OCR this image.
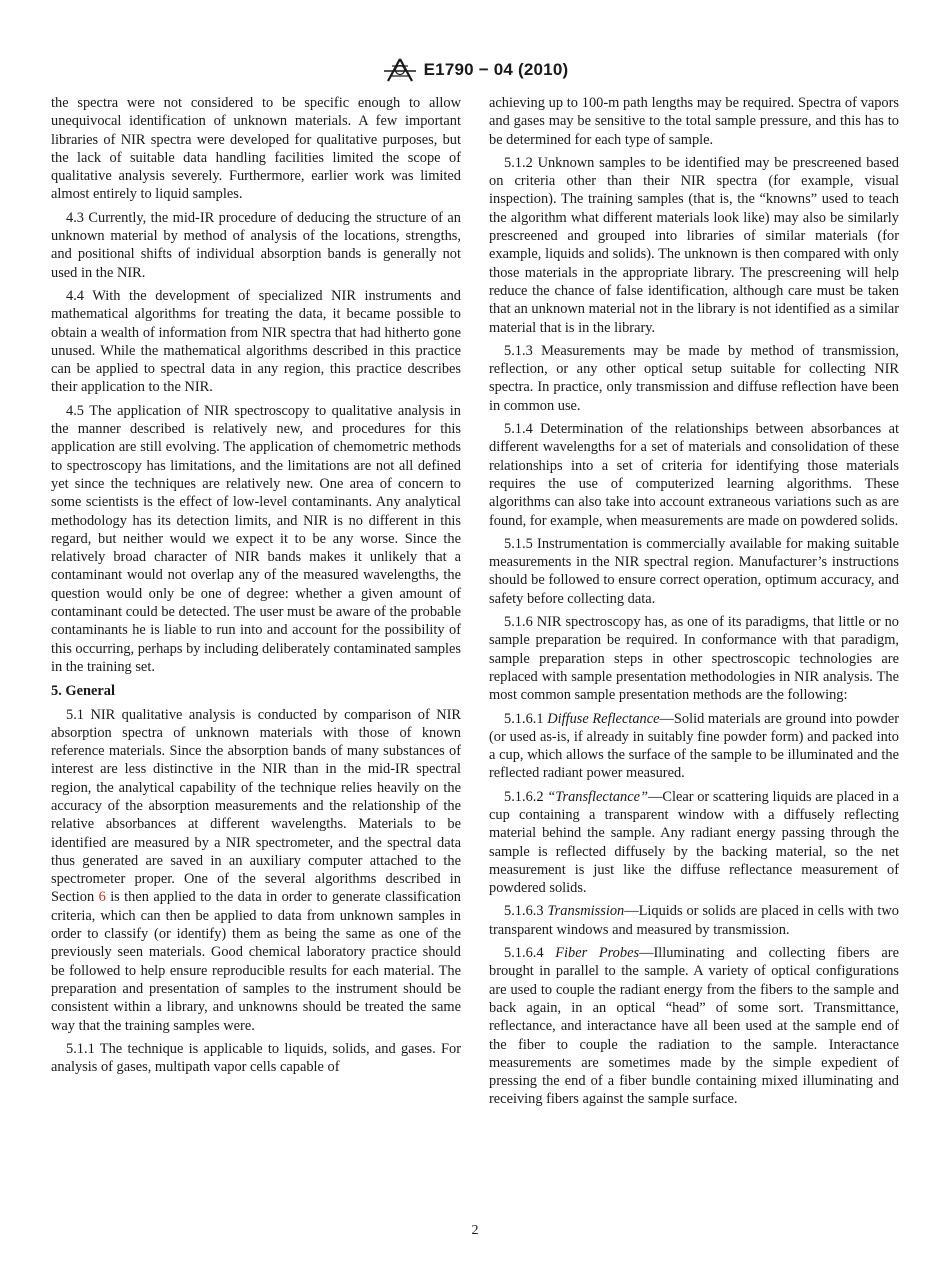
E1790 − 04 (2010)

the spectra were not considered to be specific enough to allow unequivocal identification of unknown materials. A few important libraries of NIR spectra were developed for qualitative purposes, but the lack of suitable data handling facilities limited the scope of qualitative analysis severely. Furthermore, earlier work was limited almost entirely to liquid samples.

4.3 Currently, the mid-IR procedure of deducing the structure of an unknown material by method of analysis of the locations, strengths, and positional shifts of individual absorption bands is generally not used in the NIR.

4.4 With the development of specialized NIR instruments and mathematical algorithms for treating the data, it became possible to obtain a wealth of information from NIR spectra that had hitherto gone unused. While the mathematical algorithms described in this practice can be applied to spectral data in any region, this practice describes their application to the NIR.

4.5 The application of NIR spectroscopy to qualitative analysis in the manner described is relatively new, and procedures for this application are still evolving. The application of chemometric methods to spectroscopy has limitations, and the limitations are not all defined yet since the techniques are relatively new. One area of concern to some scientists is the effect of low-level contaminants. Any analytical methodology has its detection limits, and NIR is no different in this regard, but neither would we expect it to be any worse. Since the relatively broad character of NIR bands makes it unlikely that a contaminant would not overlap any of the measured wavelengths, the question would only be one of degree: whether a given amount of contaminant could be detected. The user must be aware of the probable contaminants he is liable to run into and account for the possibility of this occurring, perhaps by including deliberately contaminated samples in the training set.

5. General

5.1 NIR qualitative analysis is conducted by comparison of NIR absorption spectra of unknown materials with those of known reference materials. Since the absorption bands of many substances of interest are less distinctive in the NIR than in the mid-IR spectral region, the analytical capability of the technique relies heavily on the accuracy of the absorption measurements and the relationship of the relative absorbances at different wavelengths. Materials to be identified are measured by a NIR spectrometer, and the spectral data thus generated are saved in an auxiliary computer attached to the spectrometer proper. One of the several algorithms described in Section 6 is then applied to the data in order to generate classification criteria, which can then be applied to data from unknown samples in order to classify (or identify) them as being the same as one of the previously seen materials. Good chemical laboratory practice should be followed to help ensure reproducible results for each material. The preparation and presentation of samples to the instrument should be consistent within a library, and unknowns should be treated the same way that the training samples were.

5.1.1 The technique is applicable to liquids, solids, and gases. For analysis of gases, multipath vapor cells capable of

achieving up to 100-m path lengths may be required. Spectra of vapors and gases may be sensitive to the total sample pressure, and this has to be determined for each type of sample.

5.1.2 Unknown samples to be identified may be prescreened based on criteria other than their NIR spectra (for example, visual inspection). The training samples (that is, the “knowns” used to teach the algorithm what different materials look like) may also be similarly prescreened and grouped into libraries of similar materials (for example, liquids and solids). The unknown is then compared with only those materials in the appropriate library. The prescreening will help reduce the chance of false identification, although care must be taken that an unknown material not in the library is not identified as a similar material that is in the library.

5.1.3 Measurements may be made by method of transmission, reflection, or any other optical setup suitable for collecting NIR spectra. In practice, only transmission and diffuse reflection have been in common use.

5.1.4 Determination of the relationships between absorbances at different wavelengths for a set of materials and consolidation of these relationships into a set of criteria for identifying those materials requires the use of computerized learning algorithms. These algorithms can also take into account extraneous variations such as are found, for example, when measurements are made on powdered solids.

5.1.5 Instrumentation is commercially available for making suitable measurements in the NIR spectral region. Manufacturer’s instructions should be followed to ensure correct operation, optimum accuracy, and safety before collecting data.

5.1.6 NIR spectroscopy has, as one of its paradigms, that little or no sample preparation be required. In conformance with that paradigm, sample preparation steps in other spectroscopic technologies are replaced with sample presentation methodologies in NIR analysis. The most common sample presentation methods are the following:

5.1.6.1 Diffuse Reflectance—Solid materials are ground into powder (or used as-is, if already in suitably fine powder form) and packed into a cup, which allows the surface of the sample to be illuminated and the reflected radiant power measured.

5.1.6.2 “Transflectance”—Clear or scattering liquids are placed in a cup containing a transparent window with a diffusely reflecting material behind the sample. Any radiant energy passing through the sample is reflected diffusely by the backing material, so the net measurement is just like the diffuse reflectance measurement of powdered solids.

5.1.6.3 Transmission—Liquids or solids are placed in cells with two transparent windows and measured by transmission.

5.1.6.4 Fiber Probes—Illuminating and collecting fibers are brought in parallel to the sample. A variety of optical configurations are used to couple the radiant energy from the fibers to the sample and back again, in an optical “head” of some sort. Transmittance, reflectance, and interactance have all been used at the sample end of the fiber to couple the radiation to the sample. Interactance measurements are sometimes made by the simple expedient of pressing the end of a fiber bundle containing mixed illuminating and receiving fibers against the sample surface.

2
